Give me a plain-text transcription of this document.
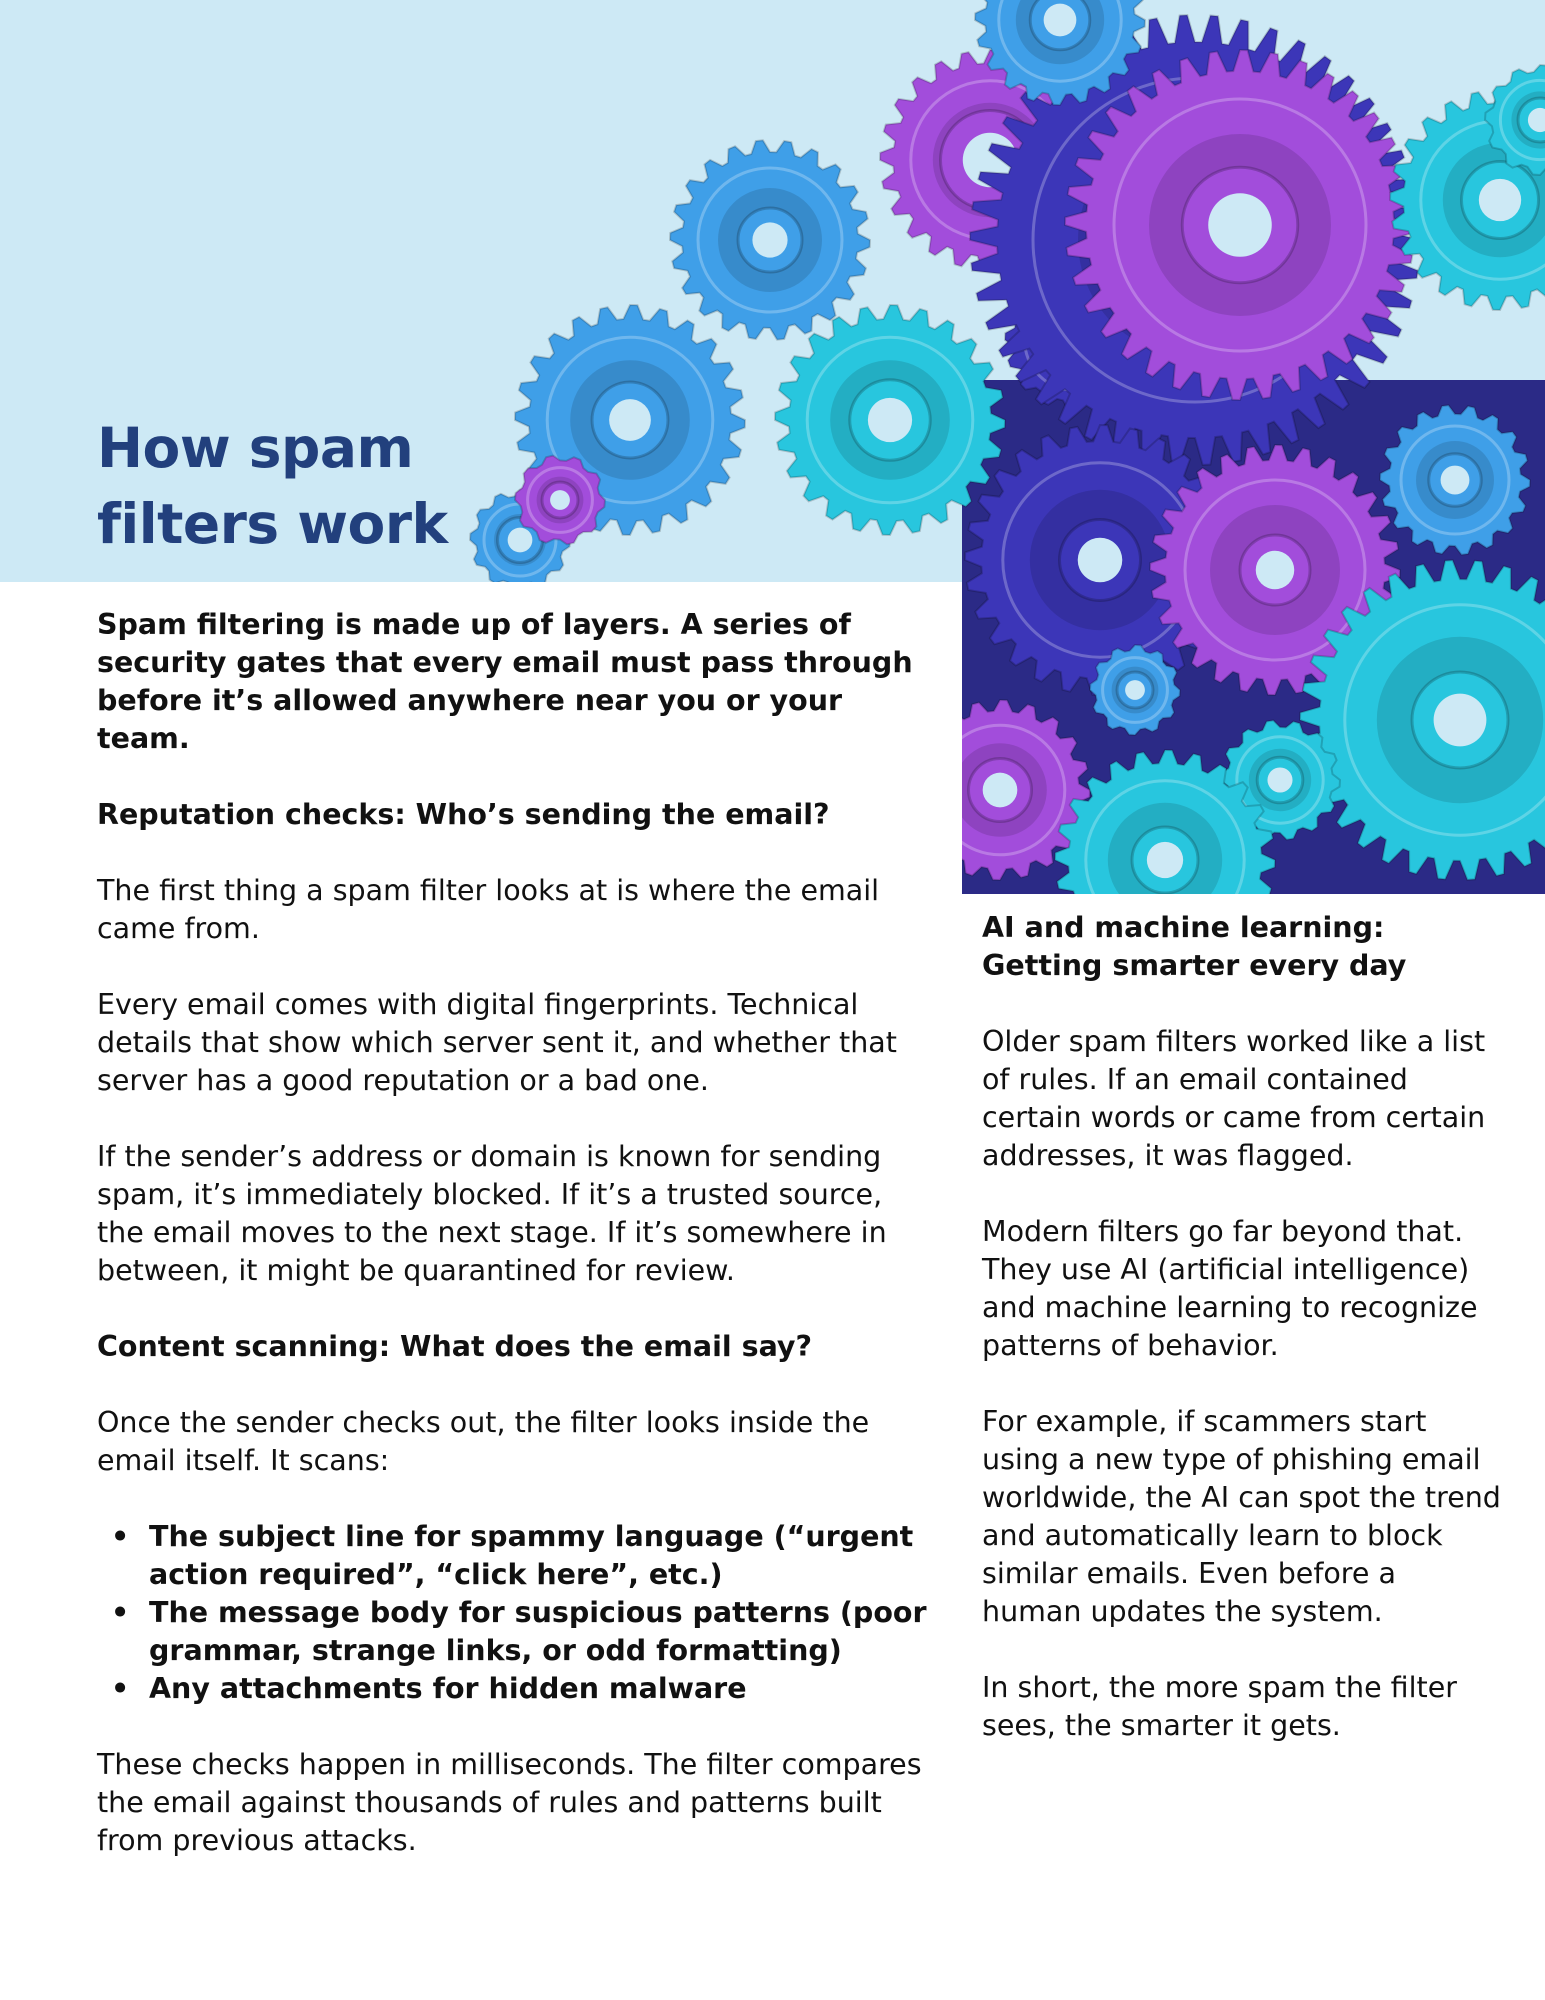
How spam
filters work

Spam filtering is made up of layers. A series of security gates that every email must pass through before it’s allowed anywhere near you or your team.

Reputation checks: Who’s sending the email?

The first thing a spam filter looks at is where the email came from.

Every email comes with digital fingerprints. Technical details that show which server sent it, and whether that server has a good reputation or a bad one.

If the sender’s address or domain is known for sending spam, it’s immediately blocked. If it’s a trusted source, the email moves to the next stage. If it’s somewhere in between, it might be quarantined for review.

Content scanning: What does the email say?

Once the sender checks out, the filter looks inside the email itself. It scans:

• The subject line for spammy language (“urgent action required”, “click here”, etc.)
• The message body for suspicious patterns (poor grammar, strange links, or odd formatting)
• Any attachments for hidden malware

These checks happen in milliseconds. The filter compares the email against thousands of rules and patterns built from previous attacks.

AI and machine learning:
Getting smarter every day

Older spam filters worked like a list of rules. If an email contained certain words or came from certain addresses, it was flagged.

Modern filters go far beyond that. They use AI (artificial intelligence) and machine learning to recognize patterns of behavior.

For example, if scammers start using a new type of phishing email worldwide, the AI can spot the trend and automatically learn to block similar emails. Even before a human updates the system.

In short, the more spam the filter sees, the smarter it gets.
